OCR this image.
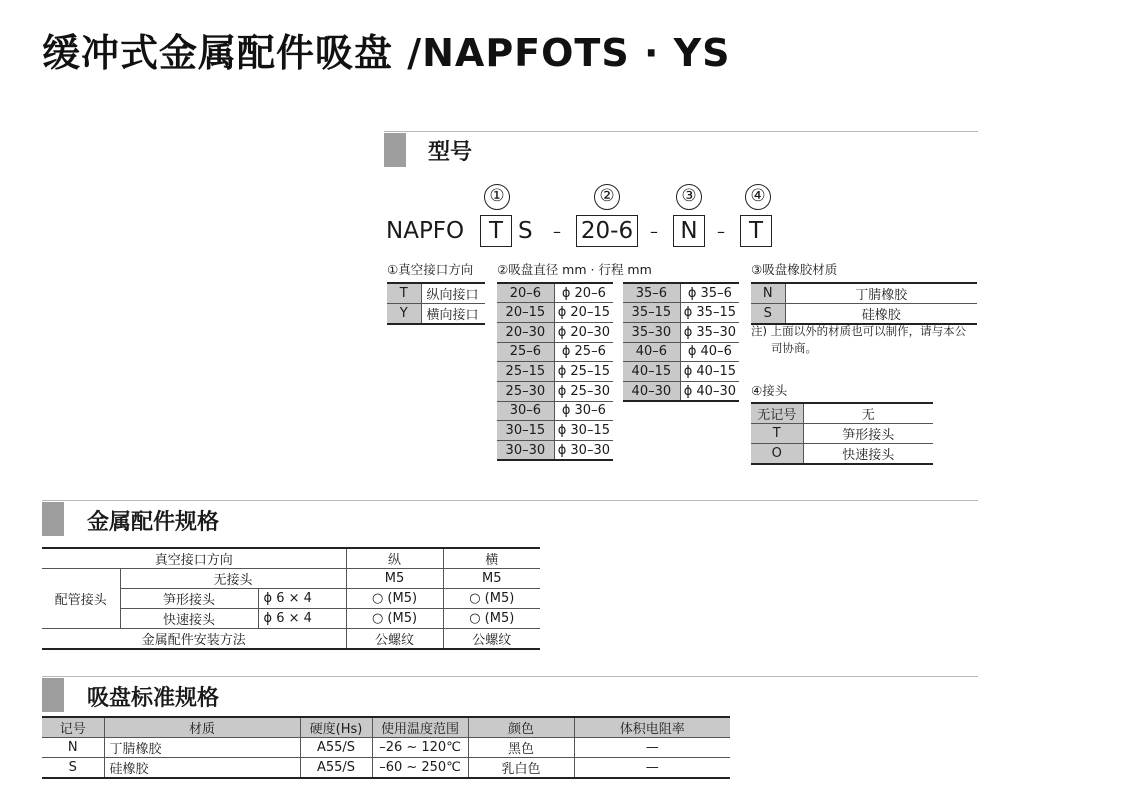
缓冲式金属配件吸盘 /NAPFOTS · YS
型号
①	②	③	④
NAPFO	T S – 20-6	– N	–	T
①真空接口方向
T	纵向接口
Y	横向接口
②吸盘直径 mm · 行程 mm
20–6	ϕ 20–6
20–15	ϕ 20–15
20–30	ϕ 20–30
25–6	ϕ 25–6
25–15	ϕ 25–15
25–30	ϕ 25–30
30–6	ϕ 30–6
30–15	ϕ 30–15
30–30	ϕ 30–30
35–6	ϕ 35–6
35–15	ϕ 35–15
35–30	ϕ 35–30
40–6	ϕ 40–6
40–15	ϕ 40–15
40–30	ϕ 40–30
③吸盘橡胶材质
N	丁腈橡胶
S	硅橡胶
注) 上面以外的材质也可以制作，请与本公
司协商。
④接头
无记号	无
T	笋形接头
O	快速接头
金属配件规格
真空接口方向			纵	横
配管接头	无接头		M5	M5
	笋形接头	ϕ 6 × 4	○ (M5)	○ (M5)
	快速接头	ϕ 6 × 4	○ (M5)	○ (M5)
金属配件安装方法			公螺纹	公螺纹
吸盘标准规格
记号	材质	硬度(Hs)	使用温度范围	颜色	体积电阻率
N	丁腈橡胶	A55/S	–26 ~ 120℃	黑色	—
S	硅橡胶	A55/S	–60 ~ 250℃	乳白色	—
